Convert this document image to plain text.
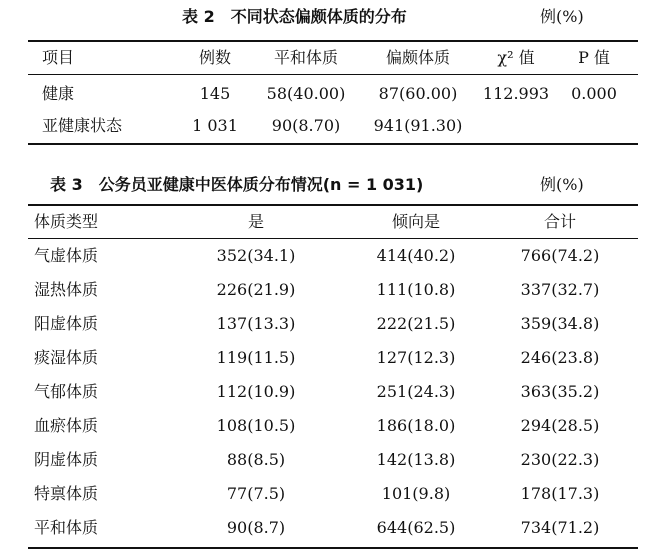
表 2　不同状态偏颇体质的分布	例(%)
项目	例数	平和体质	偏颇体质	χ² 值	P 值
健康	145	58(40.00)	87(60.00)	112.993	0.000
亚健康状态	1 031	90(8.70)	941(91.30)
表 3　公务员亚健康中医体质分布情况(n = 1 031)	例(%)
体质类型	是	倾向是	合计
气虚体质	352(34.1)	414(40.2)	766(74.2)
湿热体质	226(21.9)	111(10.8)	337(32.7)
阳虚体质	137(13.3)	222(21.5)	359(34.8)
痰湿体质	119(11.5)	127(12.3)	246(23.8)
气郁体质	112(10.9)	251(24.3)	363(35.2)
血瘀体质	108(10.5)	186(18.0)	294(28.5)
阴虚体质	88(8.5)	142(13.8)	230(22.3)
特禀体质	77(7.5)	101(9.8)	178(17.3)
平和体质	90(8.7)	644(62.5)	734(71.2)
